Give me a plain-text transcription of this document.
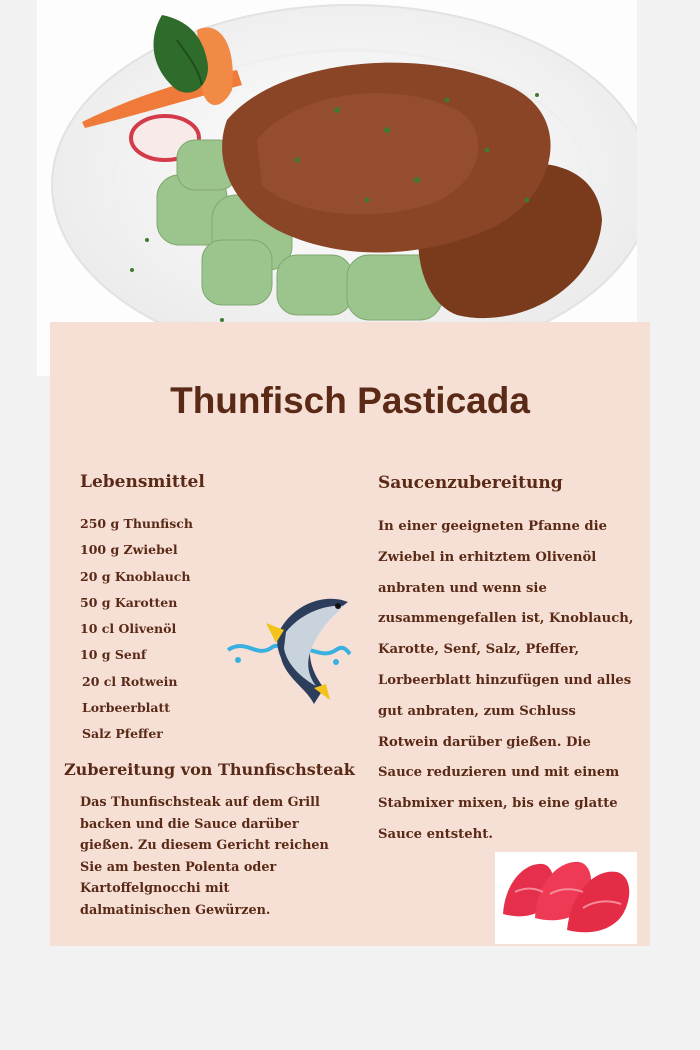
Thunfisch Pasticada
Lebensmittel
250 g Thunfisch
100 g Zwiebel
20 g Knoblauch
50 g Karotten
10 cl Olivenöl
10 g Senf
20 cl Rotwein
Lorbeerblatt
Salz Pfeffer
Saucenzubereitung

In einer geeigneten Pfanne die Zwiebel in erhitztem Olivenöl anbraten und wenn sie zusammengefallen ist, Knoblauch, Karotte, Senf, Salz, Pfeffer, Lorbeerblatt hinzufügen und alles gut anbraten, zum Schluss Rotwein darüber gießen. Die Sauce reduzieren und mit einem Stabmixer mixen, bis eine glatte Sauce entsteht.

Zubereitung von Thunfischsteak

Das Thunfischsteak auf dem Grill backen und die Sauce darüber gießen. Zu diesem Gericht reichen Sie am besten Polenta oder Kartoffelgnocchi mit dalmatinischen Gewürzen.
